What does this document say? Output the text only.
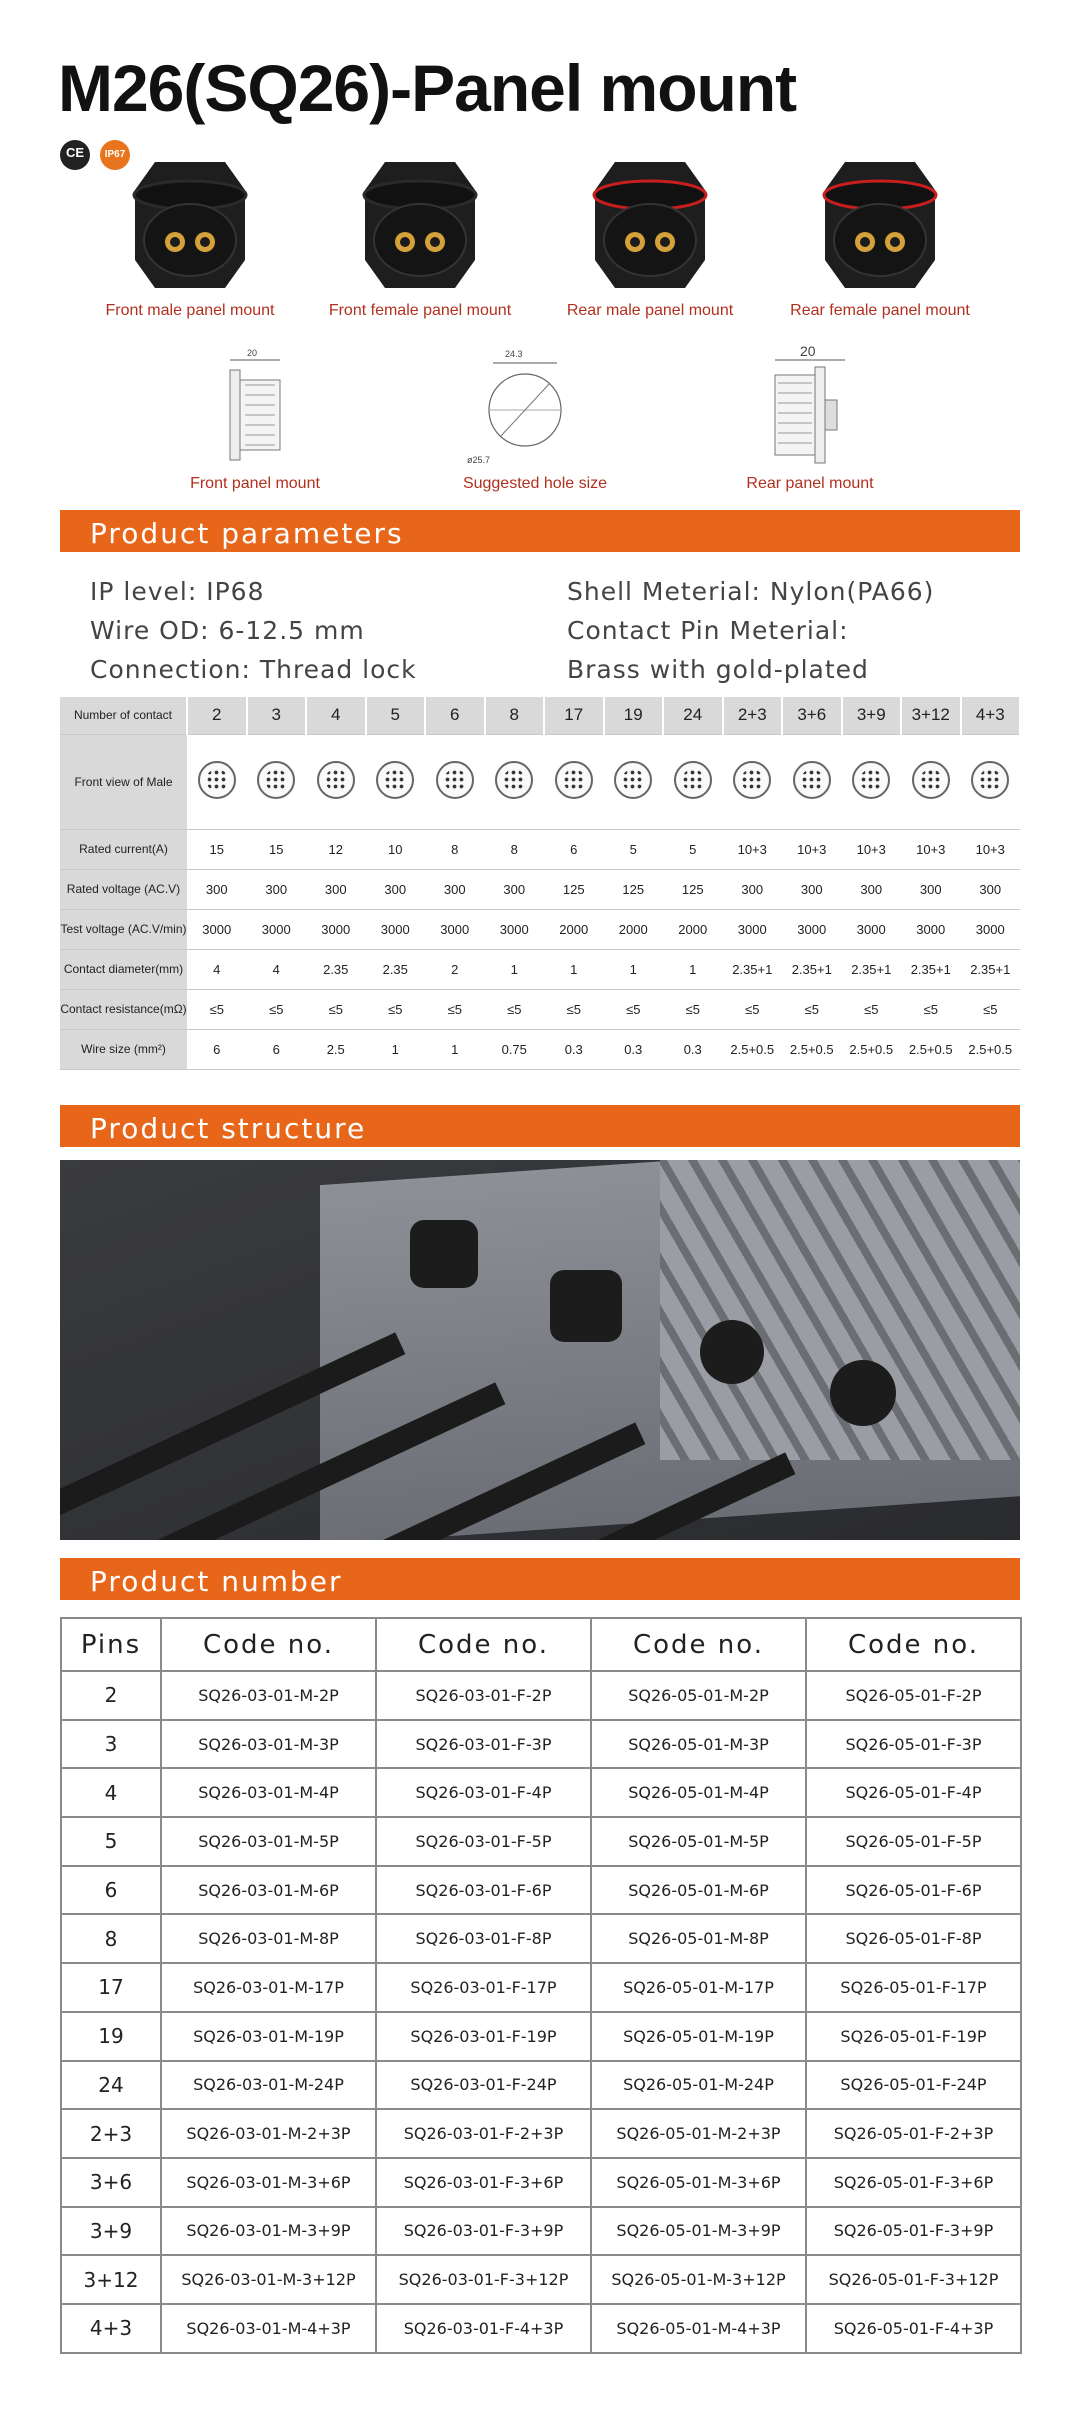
M26(SQ26)-Panel mount
CE	IP67
Front male panel mount	Front female panel mount	Rear male panel mount	Rear female panel mount
20
Front panel mount
24.3
ø25.7
Suggested hole size
20
Rear panel mount
Product parameters
IP level: IP68
Wire OD: 6-12.5 mm
Connection: Thread lock
Shell Meterial: Nylon(PA66)
Contact Pin Meterial:
Brass with gold-plated
Number of contact	2	3	4	5	6	8	17	19	24	2+3	3+6	3+9	3+12	4+3
Front view of Male	

Rated current(A)	15	15	12	10	8	8	6	5	5	10+3	10+3	10+3	10+3	10+3
Rated voltage (AC.V)	300	300	300	300	300	300	125	125	125	300	300	300	300	300
Test voltage (AC.V/min)	3000	3000	3000	3000	3000	3000	2000	2000	2000	3000	3000	3000	3000	3000
Contact diameter(mm)	4	4	2.35	2.35	2	1	1	1	1	2.35+1	2.35+1	2.35+1	2.35+1	2.35+1
Contact resistance(mΩ)	≤5	≤5	≤5	≤5	≤5	≤5	≤5	≤5	≤5	≤5	≤5	≤5	≤5	≤5
Wire size (mm²)	6	6	2.5	1	1	0.75	0.3	0.3	0.3	2.5+0.5	2.5+0.5	2.5+0.5	2.5+0.5	2.5+0.5
Product structure
Product number
Pins	Code no.	Code no.	Code no.	Code no.
2	SQ26-03-01-M-2P	SQ26-03-01-F-2P	SQ26-05-01-M-2P	SQ26-05-01-F-2P
3	SQ26-03-01-M-3P	SQ26-03-01-F-3P	SQ26-05-01-M-3P	SQ26-05-01-F-3P
4	SQ26-03-01-M-4P	SQ26-03-01-F-4P	SQ26-05-01-M-4P	SQ26-05-01-F-4P
5	SQ26-03-01-M-5P	SQ26-03-01-F-5P	SQ26-05-01-M-5P	SQ26-05-01-F-5P
6	SQ26-03-01-M-6P	SQ26-03-01-F-6P	SQ26-05-01-M-6P	SQ26-05-01-F-6P
8	SQ26-03-01-M-8P	SQ26-03-01-F-8P	SQ26-05-01-M-8P	SQ26-05-01-F-8P
17	SQ26-03-01-M-17P	SQ26-03-01-F-17P	SQ26-05-01-M-17P	SQ26-05-01-F-17P
19	SQ26-03-01-M-19P	SQ26-03-01-F-19P	SQ26-05-01-M-19P	SQ26-05-01-F-19P
24	SQ26-03-01-M-24P	SQ26-03-01-F-24P	SQ26-05-01-M-24P	SQ26-05-01-F-24P
2+3	SQ26-03-01-M-2+3P	SQ26-03-01-F-2+3P	SQ26-05-01-M-2+3P	SQ26-05-01-F-2+3P
3+6	SQ26-03-01-M-3+6P	SQ26-03-01-F-3+6P	SQ26-05-01-M-3+6P	SQ26-05-01-F-3+6P
3+9	SQ26-03-01-M-3+9P	SQ26-03-01-F-3+9P	SQ26-05-01-M-3+9P	SQ26-05-01-F-3+9P
3+12	SQ26-03-01-M-3+12P	SQ26-03-01-F-3+12P	SQ26-05-01-M-3+12P	SQ26-05-01-F-3+12P
4+3	SQ26-03-01-M-4+3P	SQ26-03-01-F-4+3P	SQ26-05-01-M-4+3P	SQ26-05-01-F-4+3P
